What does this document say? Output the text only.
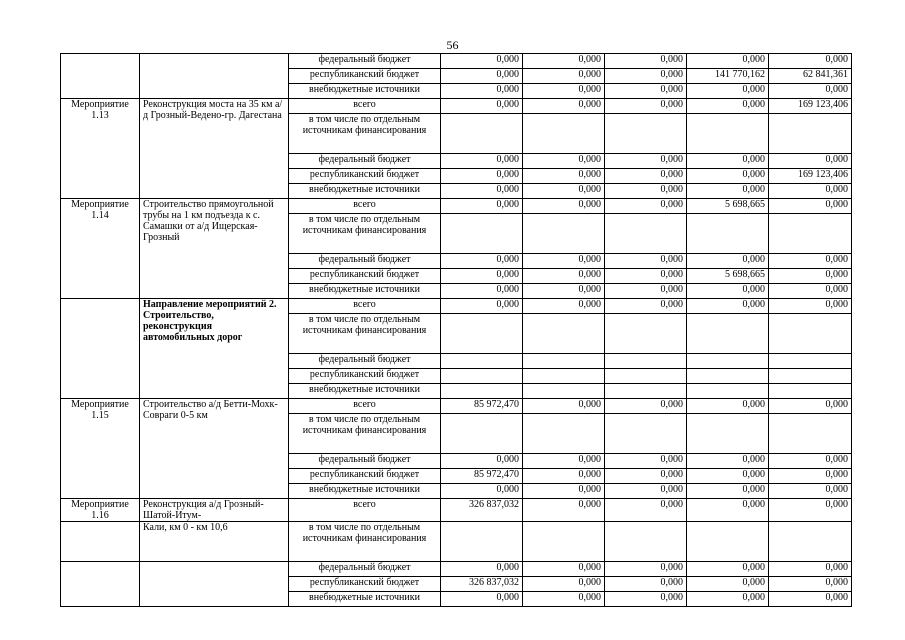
56
		федеральный бюджет	0,000	0,000	0,000	0,000	0,000
		республиканский бюджет	0,000	0,000	0,000	141 770,162	62 841,361
		внебюджетные источники	0,000	0,000	0,000	0,000	0,000
Мероприятие 1.13	Реконструкция моста на 35 км а/д Грозный-Ведено-гр. Дагестана	всего	0,000	0,000	0,000	0,000	169 123,406
		в том числе по отдельным источникам финансирования					
		федеральный бюджет	0,000	0,000	0,000	0,000	0,000
		республиканский бюджет	0,000	0,000	0,000	0,000	169 123,406
		внебюджетные источники	0,000	0,000	0,000	0,000	0,000
Мероприятие 1.14	Строительство прямоугольной трубы на 1 км подъезда к с. Самашки от а/д Ищерская-Грозный	всего	0,000	0,000	0,000	5 698,665	0,000
		в том числе по отдельным источникам финансирования					
		федеральный бюджет	0,000	0,000	0,000	0,000	0,000
		республиканский бюджет	0,000	0,000	0,000	5 698,665	0,000
		внебюджетные источники	0,000	0,000	0,000	0,000	0,000
	Направление мероприятий 2. Строительство, реконструкция автомобильных дорог	всего	0,000	0,000	0,000	0,000	0,000
		в том числе по отдельным источникам финансирования					
		федеральный бюджет					
		республиканский бюджет					
		внебюджетные источники					
Мероприятие 1.15	Строительство а/д Бетти-Мохк-Совраги 0-5 км	всего	85 972,470	0,000	0,000	0,000	0,000
		в том числе по отдельным источникам финансирования					
		федеральный бюджет	0,000	0,000	0,000	0,000	0,000
		республиканский бюджет	85 972,470	0,000	0,000	0,000	0,000
		внебюджетные источники	0,000	0,000	0,000	0,000	0,000
Мероприятие 1.16	Реконструкция а/д Грозный-Шатой-Итум-	всего	326 837,032	0,000	0,000	0,000	0,000
	Кали, км 0 - км 10,6	в том числе по отдельным источникам финансирования					
		федеральный бюджет	0,000	0,000	0,000	0,000	0,000
		республиканский бюджет	326 837,032	0,000	0,000	0,000	0,000
		внебюджетные источники	0,000	0,000	0,000	0,000	0,000
